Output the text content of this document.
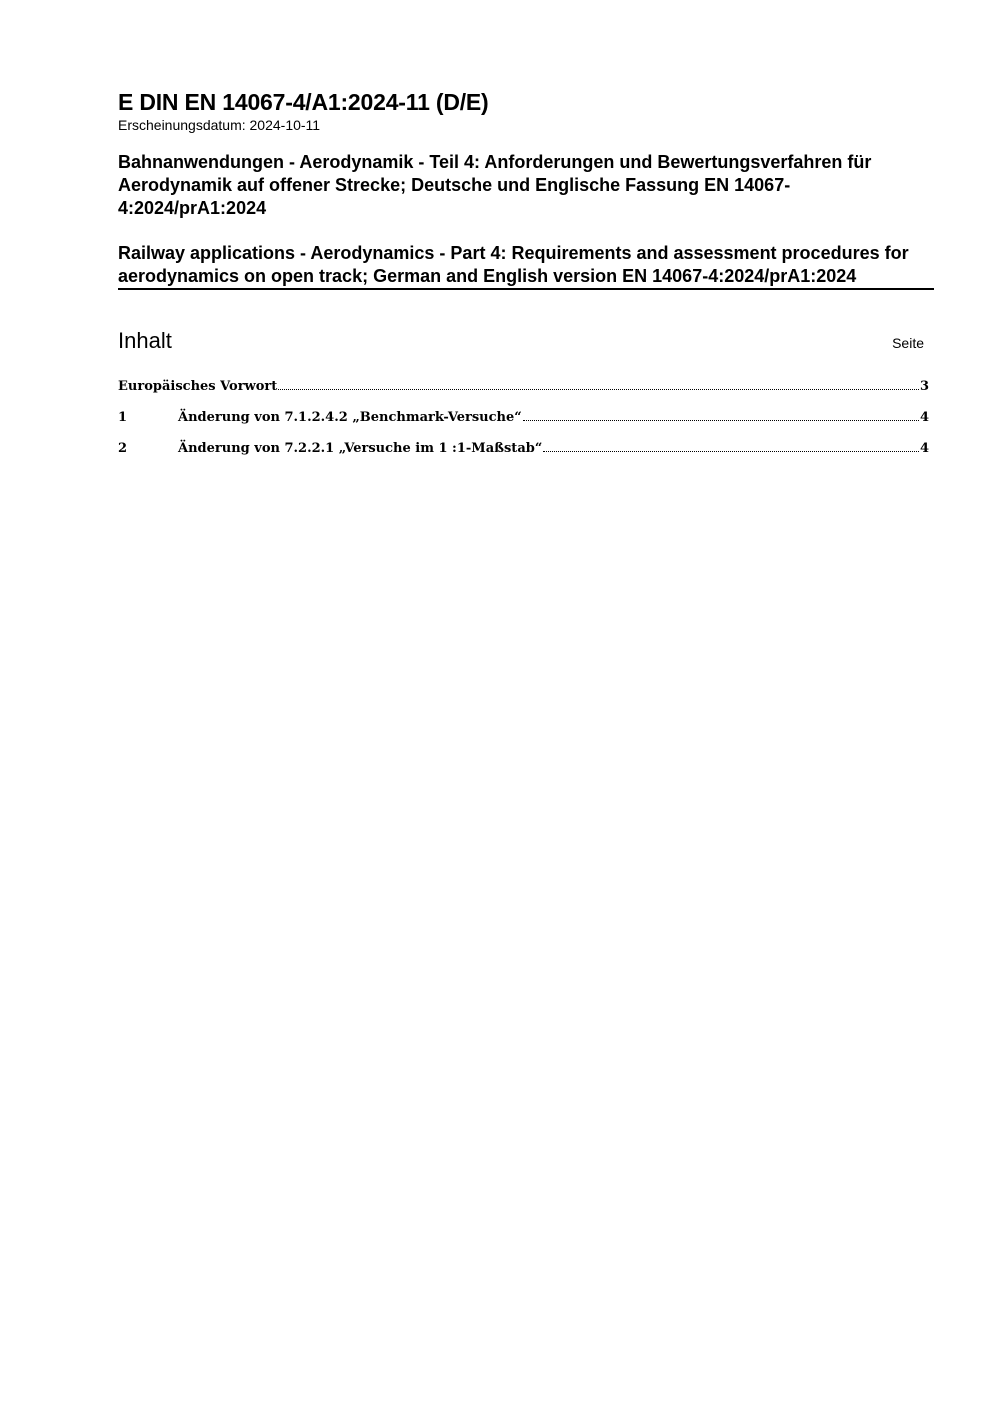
E DIN EN 14067-4/A1:2024-11 (D/E)
Erscheinungsdatum: 2024-10-11

Bahnanwendungen - Aerodynamik - Teil 4: Anforderungen und Bewertungsverfahren für Aerodynamik auf offener Strecke; Deutsche und Englische Fassung EN 14067-4:2024/prA1:2024

Railway applications - Aerodynamics - Part 4: Requirements and assessment procedures for aerodynamics on open track; German and English version EN 14067-4:2024/prA1:2024

Inhalt	Seite
Europäisches Vorwort	3
1	Änderung von 7.1.2.4.2 „Benchmark-Versuche“	4
2	Änderung von 7.2.2.1 „Versuche im 1 :1-Maßstab“	4
